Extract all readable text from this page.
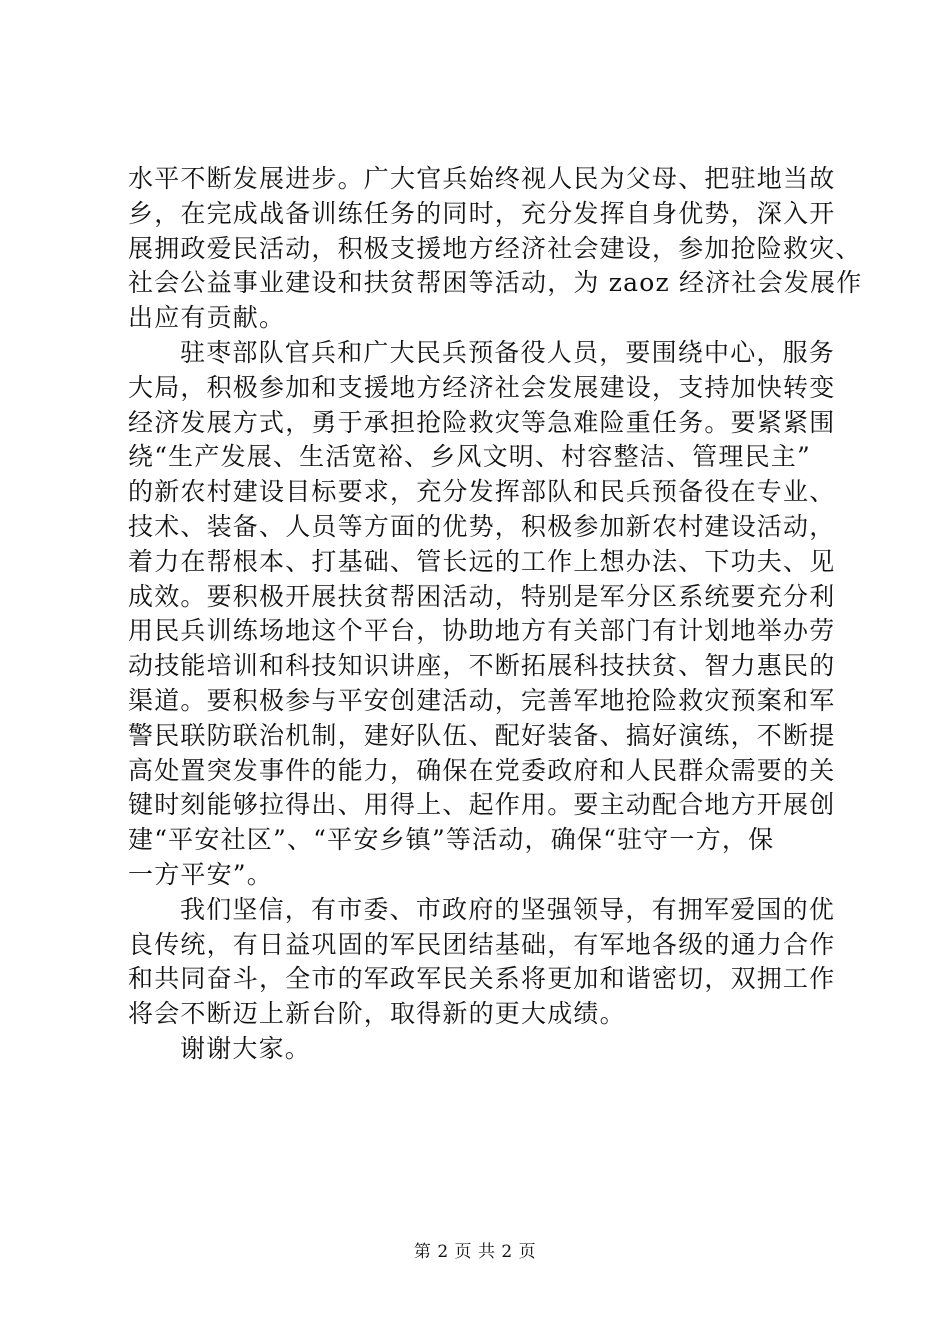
水平不断发展进步。广大官兵始终视人民为父母、把驻地当故
乡，在完成战备训练任务的同时，充分发挥自身优势，深入开
展拥政爱民活动，积极支援地方经济社会建设，参加抢险救灾、
社会公益事业建设和扶贫帮困等活动，为 zaoz 经济社会发展作
出应有贡献。
驻枣部队官兵和广大民兵预备役人员，要围绕中心，服务
大局，积极参加和支援地方经济社会发展建设，支持加快转变
经济发展方式，勇于承担抢险救灾等急难险重任务。要紧紧围
绕“生产发展、生活宽裕、乡风文明、村容整洁、管理民主”
的新农村建设目标要求，充分发挥部队和民兵预备役在专业、
技术、装备、人员等方面的优势，积极参加新农村建设活动，
着力在帮根本、打基础、管长远的工作上想办法、下功夫、见
成效。要积极开展扶贫帮困活动，特别是军分区系统要充分利
用民兵训练场地这个平台，协助地方有关部门有计划地举办劳
动技能培训和科技知识讲座，不断拓展科技扶贫、智力惠民的
渠道。要积极参与平安创建活动，完善军地抢险救灾预案和军
警民联防联治机制，建好队伍、配好装备、搞好演练，不断提
高处置突发事件的能力，确保在党委政府和人民群众需要的关
键时刻能够拉得出、用得上、起作用。要主动配合地方开展创
建“平安社区”、“平安乡镇”等活动，确保“驻守一方，保
一方平安”。
我们坚信，有市委、市政府的坚强领导，有拥军爱国的优
良传统，有日益巩固的军民团结基础，有军地各级的通力合作
和共同奋斗，全市的军政军民关系将更加和谐密切，双拥工作
将会不断迈上新台阶，取得新的更大成绩。
谢谢大家。
第 2 页 共 2 页
